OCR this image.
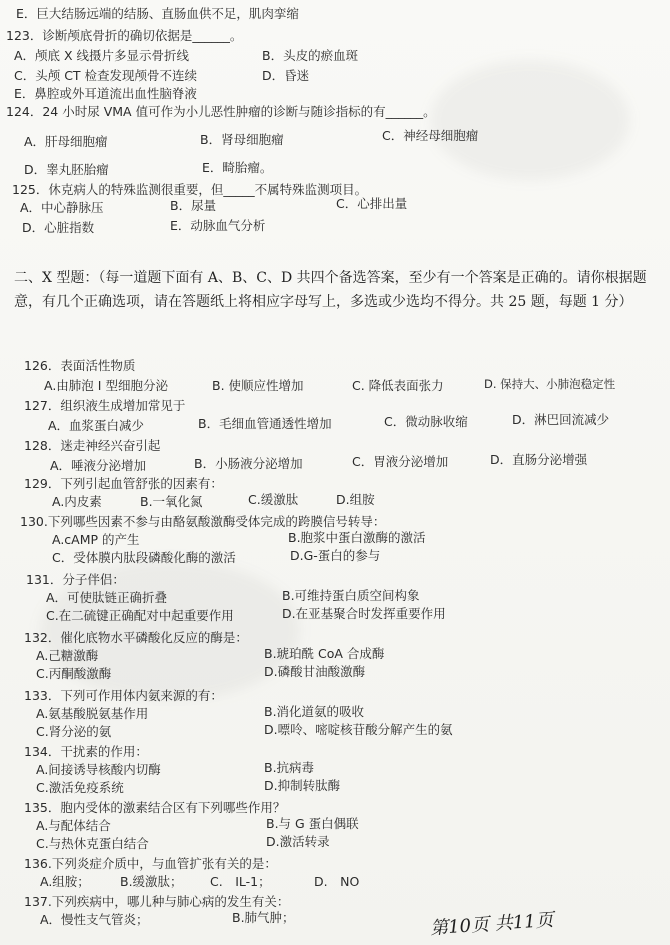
E．巨大结肠远端的结肠、直肠血供不足，肌肉挛缩
123．诊断颅底骨折的确切依据是______。
A．颅底 X 线摄片多显示骨折线	B．头皮的瘀血斑
C．头颅 CT 检查发现颅骨不连续	D．昏迷
E．鼻腔或外耳道流出血性脑脊液
124．24 小时尿 VMA 值可作为小儿恶性肿瘤的诊断与随诊指标的有______。
A．肝母细胞瘤	B．肾母细胞瘤	C．神经母细胞瘤
D．睾丸胚胎瘤	E．畸胎瘤。
125．休克病人的特殊监测很重要，但_____不属特殊监测项目。
A．中心静脉压	B．尿量	C．心排出量
D．心脏指数	E．动脉血气分析
二、X 型题：（每一道题下面有 A、B、C、D 共四个备选答案，至少有一个答案是正确的。请你根据题意，有几个正确选项，请在答题纸上将相应字母写上，多选或少选均不得分。共 25 题，每题 1 分）
126．表面活性物质
A.由肺泡 I 型细胞分泌	B. 使顺应性增加	C. 降低表面张力	D. 保持大、小肺泡稳定性
127．组织液生成增加常见于
A．血浆蛋白减少	B．毛细血管通透性增加	C．微动脉收缩	D．淋巴回流减少
128．迷走神经兴奋引起
A．唾液分泌增加	B．小肠液分泌增加	C．胃液分泌增加	D．直肠分泌增强
129．下列引起血管舒张的因素有：
A.内皮素	B.一氧化氮	C.缓激肽	D.组胺
130.下列哪些因素不参与由酪氨酸激酶受体完成的跨膜信号转导：
A.cAMP 的产生	B.胞浆中蛋白激酶的激活
C．受体膜内肽段磷酸化酶的激活	D.G-蛋白的参与
131．分子伴侣：
A．可使肽链正确折叠	B.可维持蛋白质空间构象
C.在二硫键正确配对中起重要作用	D.在亚基聚合时发挥重要作用
132．催化底物水平磷酸化反应的酶是：
A.己糖激酶	B.琥珀酰 CoA 合成酶
C.丙酮酸激酶	D.磷酸甘油酸激酶
133．下列可作用体内氨来源的有：
A.氨基酸脱氨基作用	B.消化道氨的吸收
C.肾分泌的氨	D.嘌呤、嘧啶核苷酸分解产生的氨
134．干扰素的作用：
A.间接诱导核酸内切酶	B.抗病毒
C.激活免疫系统	D.抑制转肽酶
135．胞内受体的激素结合区有下列哪些作用？
A.与配体结合	B.与 G 蛋白偶联
C.与热休克蛋白结合	D.激活转录
136.下列炎症介质中，与血管扩张有关的是：
A.组胺； B.缓激肽； C.　IL-1；	D.　NO
137.下列疾病中，哪儿种与肺心病的发生有关：
A．慢性支气管炎；	B.肺气肿；	第10页 共11页
